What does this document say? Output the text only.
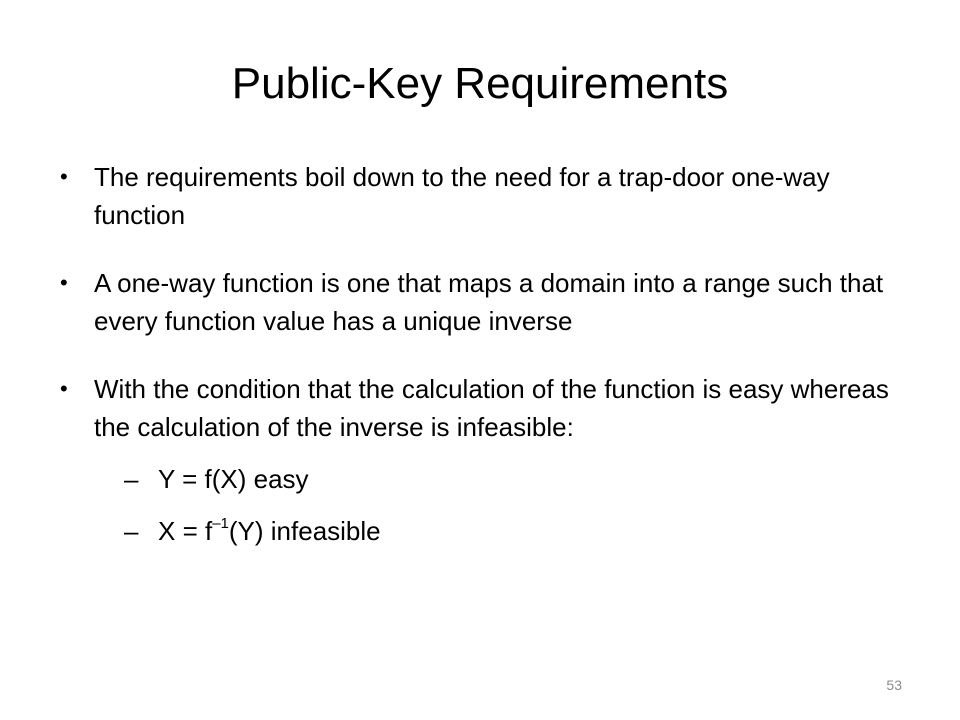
Public-Key Requirements
• The requirements boil down to the need for a trap-door one-way function
• A one-way function is one that maps a domain into a range such that every function value has a unique inverse
• With the condition that the calculation of the function is easy whereas the calculation of the inverse is infeasible:
– Y = f(X) easy
– $X = f^{-1}(Y)$ infeasible
53
